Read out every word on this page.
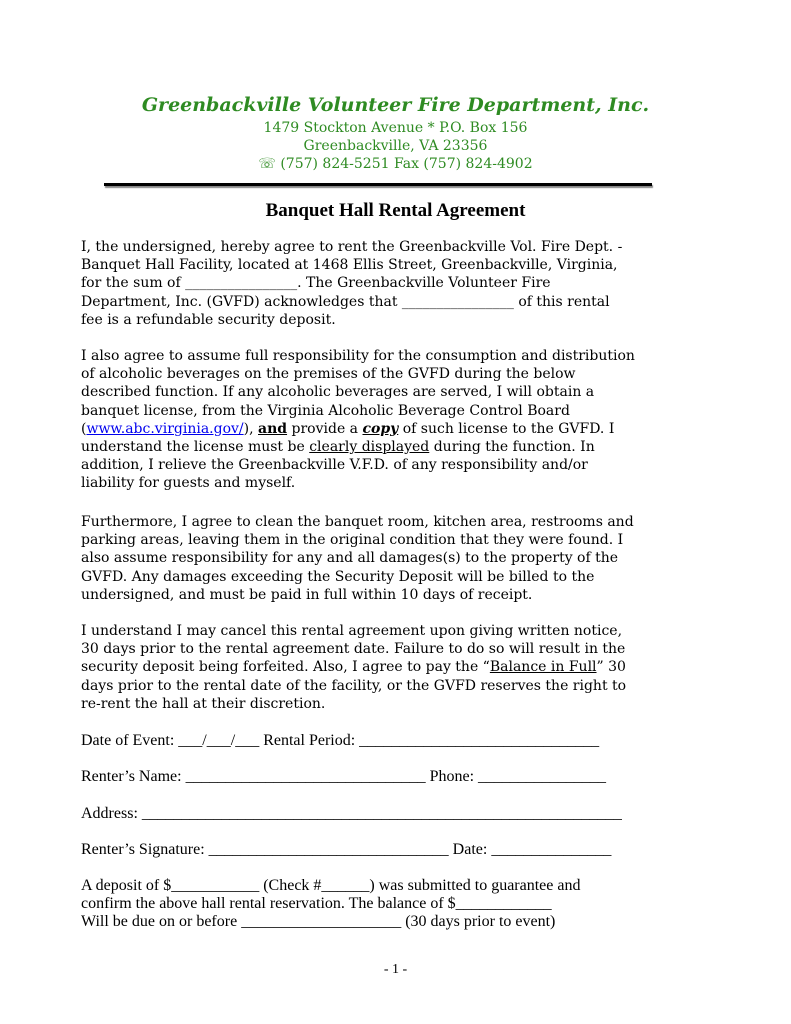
Greenbackville Volunteer Fire Department, Inc.
1479 Stockton Avenue * P.O. Box 156
Greenbackville, VA 23356
☏ (757) 824-5251 Fax (757) 824-4902
Banquet Hall Rental Agreement
I, the undersigned, hereby agree to rent the Greenbackville Vol. Fire Dept. -
Banquet Hall Facility, located at 1468 Ellis Street, Greenbackville, Virginia,
for the sum of ________________. The Greenbackville Volunteer Fire
Department, Inc. (GVFD) acknowledges that ________________ of this rental
fee is a refundable security deposit.
I also agree to assume full responsibility for the consumption and distribution
of alcoholic beverages on the premises of the GVFD during the below
described function. If any alcoholic beverages are served, I will obtain a
banquet license, from the Virginia Alcoholic Beverage Control Board
(www.abc.virginia.gov/), and provide a copy of such license to the GVFD. I
understand the license must be clearly displayed during the function. In
addition, I relieve the Greenbackville V.F.D. of any responsibility and/or
liability for guests and myself.
Furthermore, I agree to clean the banquet room, kitchen area, restrooms and
parking areas, leaving them in the original condition that they were found. I
also assume responsibility for any and all damages(s) to the property of the
GVFD. Any damages exceeding the Security Deposit will be billed to the
undersigned, and must be paid in full within 10 days of receipt.
I understand I may cancel this rental agreement upon giving written notice,
30 days prior to the rental agreement date. Failure to do so will result in the
security deposit being forfeited. Also, I agree to pay the “Balance in Full” 30
days prior to the rental date of the facility, or the GVFD reserves the right to
re-rent the hall at their discretion.
Date of Event: ___/___/___ Rental Period: ______________________________
Renter’s Name: ______________________________ Phone: ________________
Address: ____________________________________________________________
Renter’s Signature: ______________________________ Date: _______________
A deposit of $___________ (Check #______) was submitted to guarantee and
confirm the above hall rental reservation. The balance of $____________
Will be due on or before ____________________ (30 days prior to event)
- 1 -
